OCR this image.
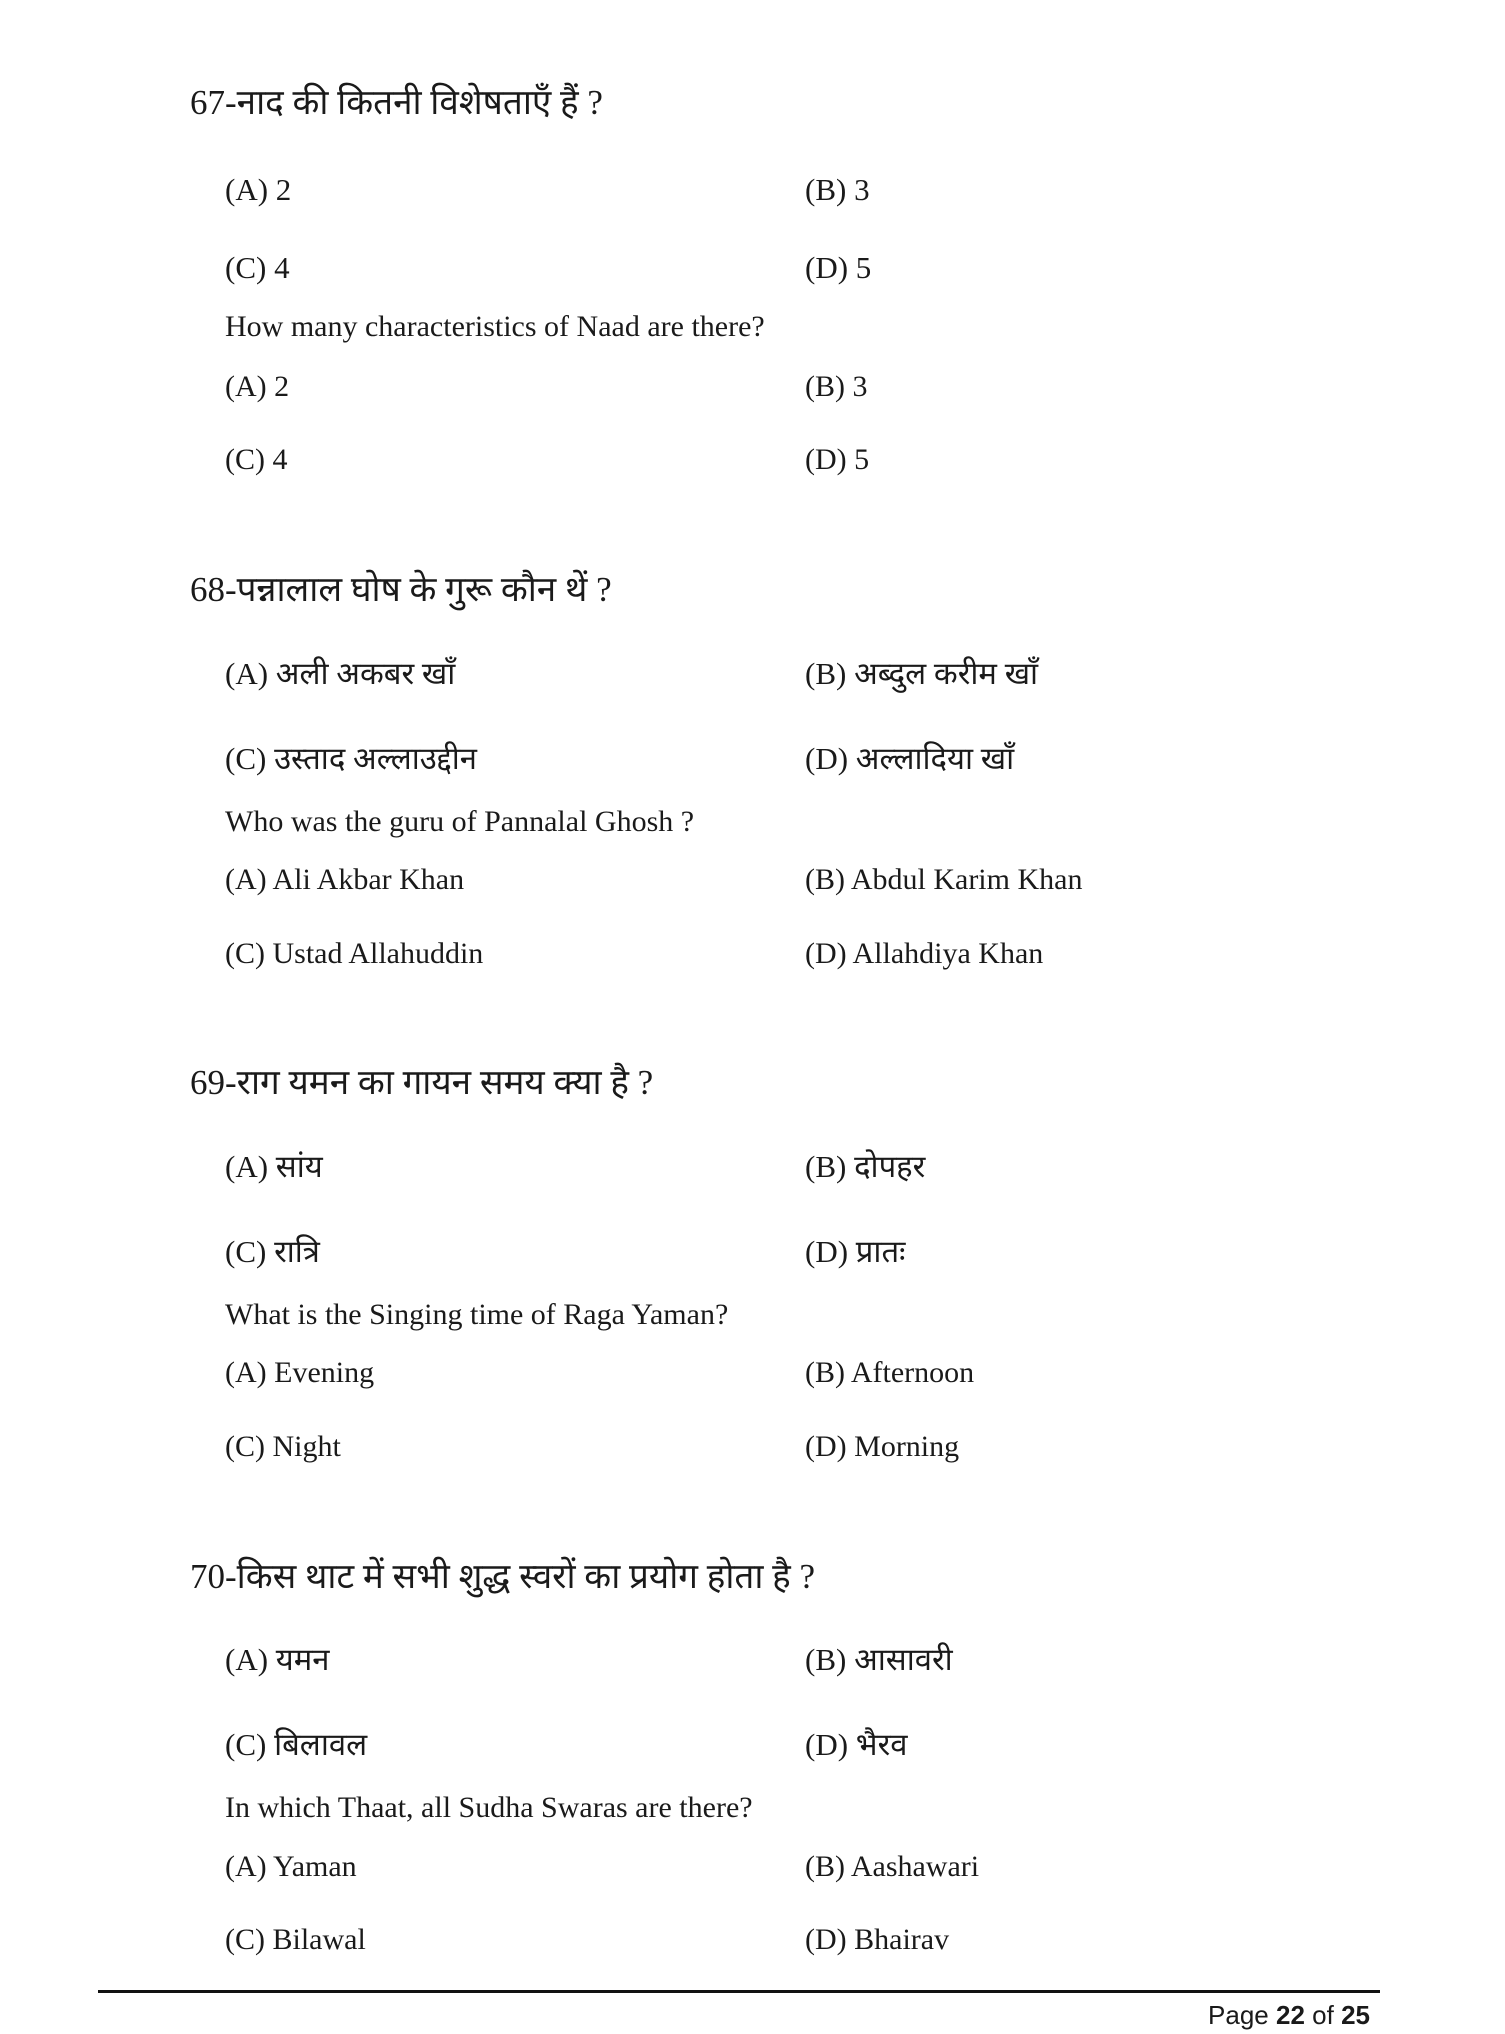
67-नाद की कितनी विशेषताएँ हैं ?
(A) 2	(B) 3
(C) 4	(D) 5
How many characteristics of Naad are there?
(A) 2	(B) 3
(C) 4	(D) 5
68-पन्नालाल घोष के गुरू कौन थें ?
(A) अली अकबर खाँ	(B) अब्दुल करीम खाँ
(C) उस्ताद अल्लाउद्दीन	(D) अल्लादिया खाँ
Who was the guru of Pannalal Ghosh ?
(A) Ali Akbar Khan	(B) Abdul Karim Khan
(C) Ustad Allahuddin	(D) Allahdiya Khan
69-राग यमन का गायन समय क्या है ?
(A) सांय	(B) दोपहर
(C) रात्रि	(D) प्रातः
What is the Singing time of Raga Yaman?
(A) Evening	(B) Afternoon
(C) Night	(D) Morning
70-किस थाट में सभी शुद्ध स्वरों का प्रयोग होता है ?
(A) यमन	(B) आसावरी
(C) बिलावल	(D) भैरव
In which Thaat, all Sudha Swaras are there?
(A) Yaman	(B) Aashawari
(C) Bilawal	(D) Bhairav
Page 22 of 25
